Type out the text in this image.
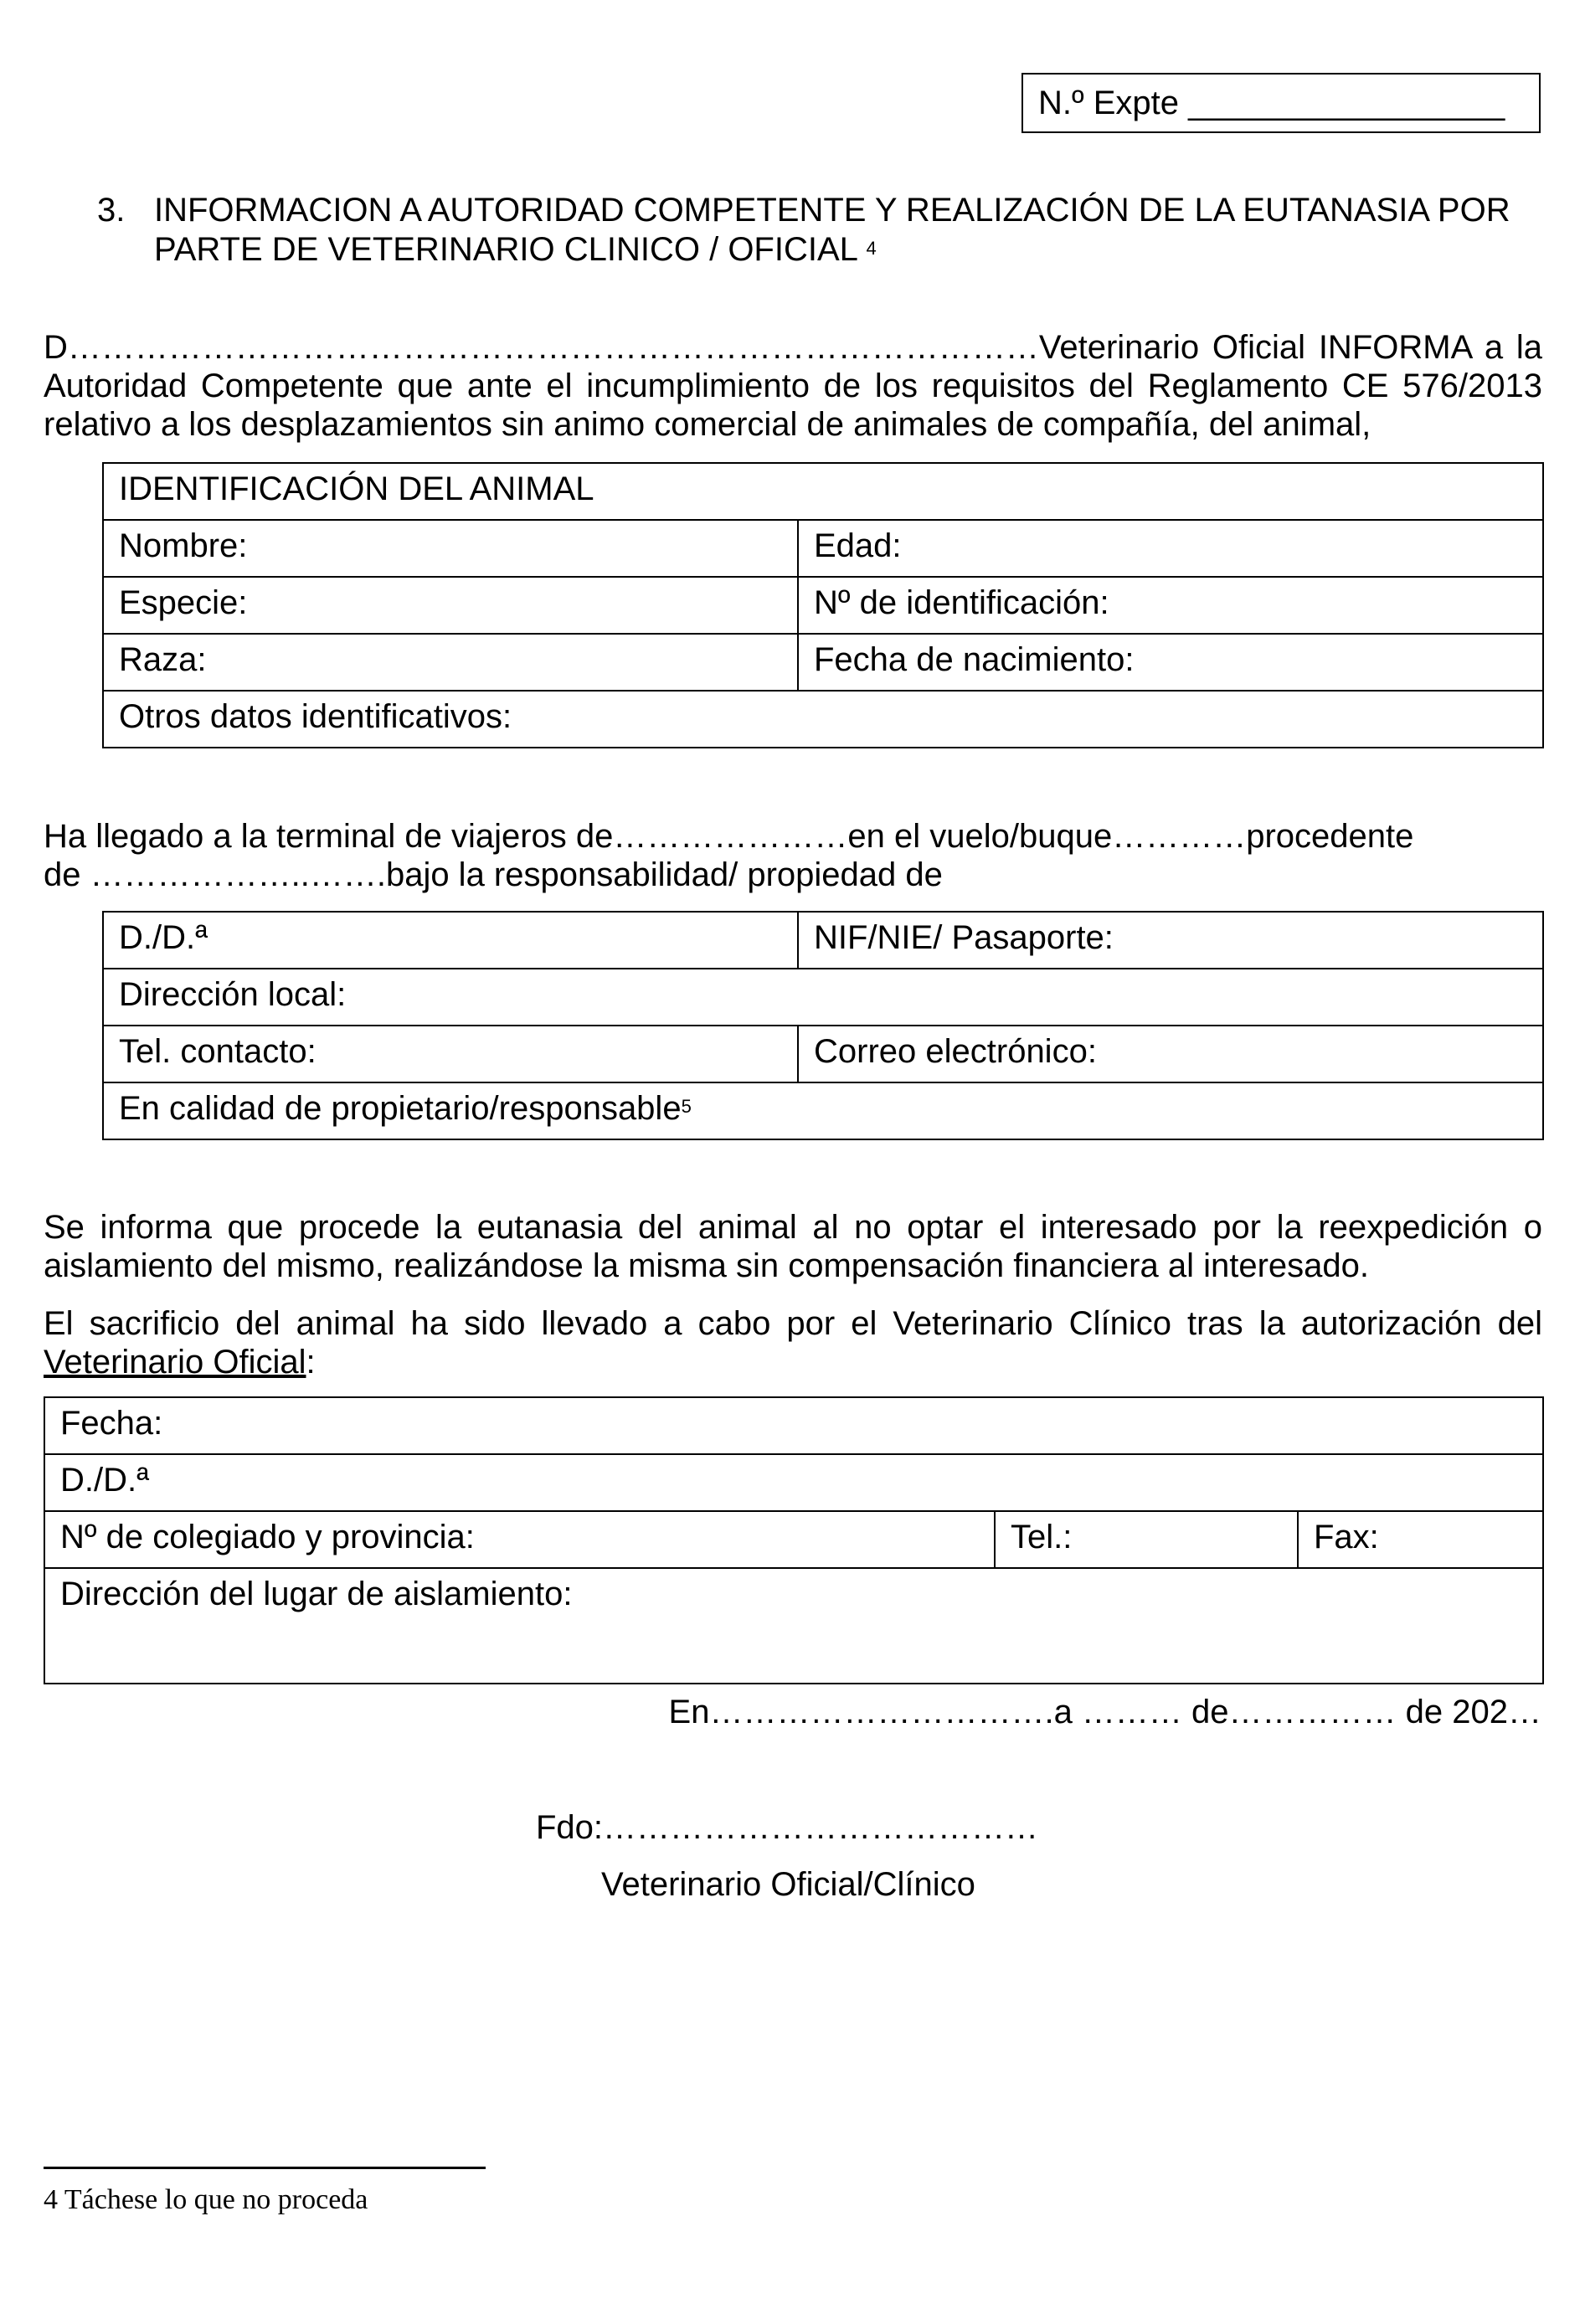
N.º Expte _________________
3. INFORMACION A AUTORIDAD COMPETENTE Y REALIZACIÓN DE LA EUTANASIA POR
PARTE DE VETERINARIO CLINICO / OFICIAL $^4$
D……………………………………………………………………………Veterinario Oficial INFORMA a la Autoridad Competente que ante el incumplimiento de los requisitos del Reglamento CE 576/2013 relativo a los desplazamientos sin animo comercial de animales de compañía, del animal,
IDENTIFICACIÓN DEL ANIMAL	
Nombre:	Edad:
Especie:	Nº de identificación:
Raza:	Fecha de nacimiento:
Otros datos identificativos:	
Ha llegado a la terminal de viajeros de…………………en el vuelo/buque…………procedente
de ………………..…….bajo la responsabilidad/ propiedad de
D./D.ª	NIF/NIE/ Pasaporte:
Dirección local:	
Tel. contacto:	Correo electrónico:
En calidad de propietario/responsable$^5$
Se informa que procede la eutanasia del animal al no optar el interesado por la reexpedición o aislamiento del mismo, realizándose la misma sin compensación financiera al interesado.
El sacrificio del animal ha sido llevado a cabo por el Veterinario Clínico tras la autorización del Veterinario Oficial:
Fecha:
D./D.ª
Nº de colegiado y provincia:	Tel.:	Fax:
Dirección del lugar de aislamiento:
En………………………….a ……… de…………… de 202…
Fdo:…………………………………
Veterinario Oficial/Clínico
4 Táchese lo que no proceda
